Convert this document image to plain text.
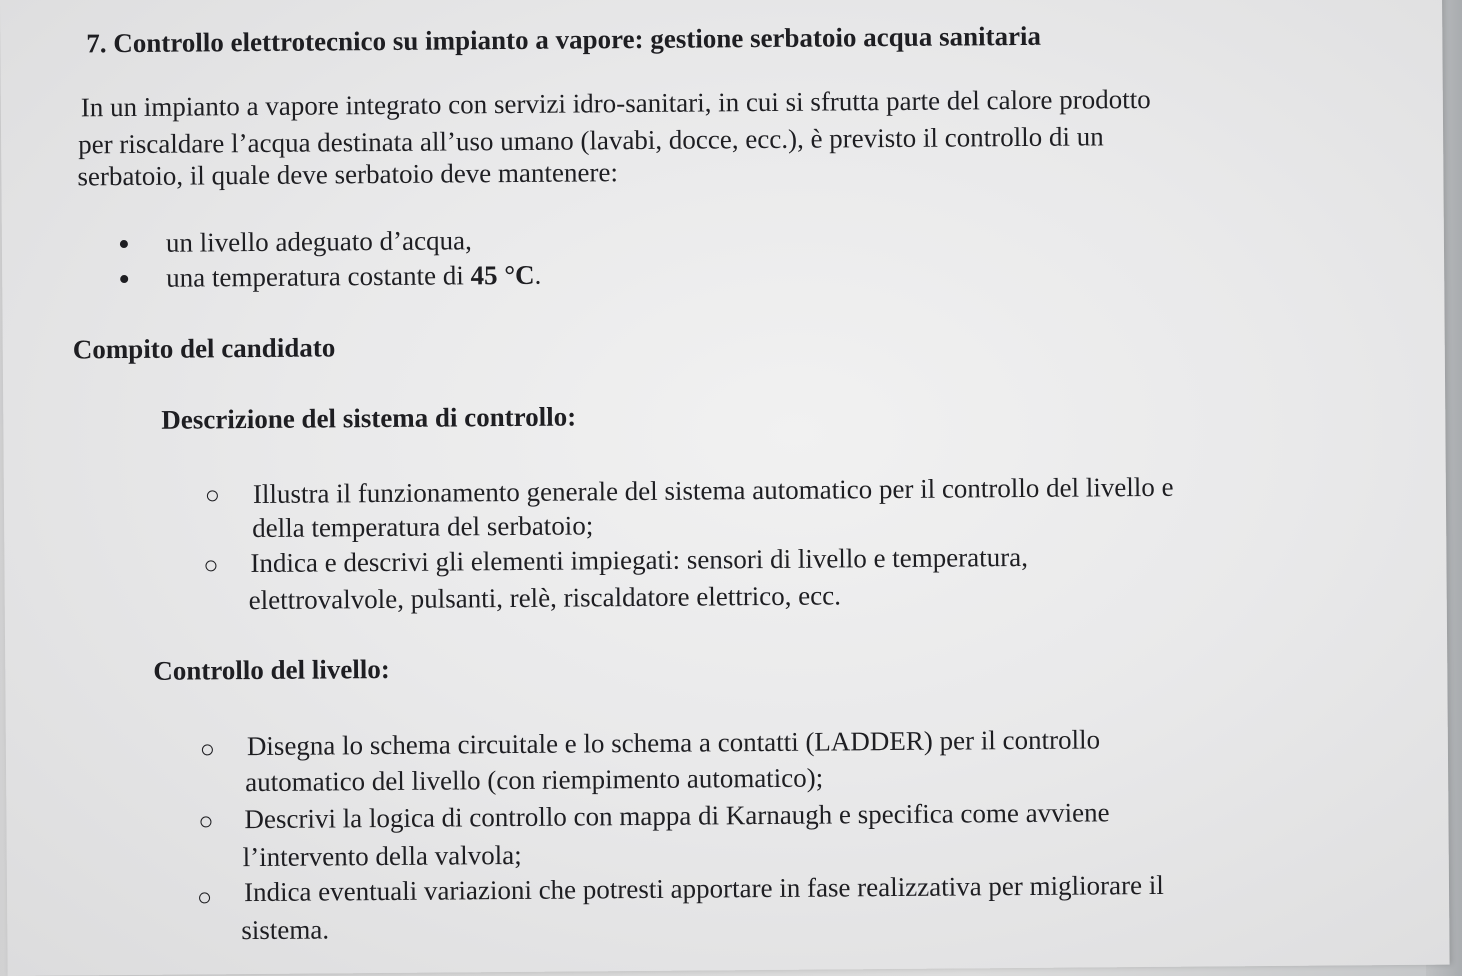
7. Controllo elettrotecnico su impianto a vapore: gestione serbatoio acqua sanitaria
In un impianto a vapore integrato con servizi idro-sanitari, in cui si sfrutta parte del calore prodotto
per riscaldare l’acqua destinata all’uso umano (lavabi, docce, ecc.), è previsto il controllo di un
serbatoio, il quale deve serbatoio deve mantenere:
un livello adeguato d’acqua,
una temperatura costante di 45 °C.
Compito del candidato
Descrizione del sistema di controllo:
Illustra il funzionamento generale del sistema automatico per il controllo del livello e
della temperatura del serbatoio;
Indica e descrivi gli elementi impiegati: sensori di livello e temperatura,
elettrovalvole, pulsanti, relè, riscaldatore elettrico, ecc.
Controllo del livello:
Disegna lo schema circuitale e lo schema a contatti (LADDER) per il controllo
automatico del livello (con riempimento automatico);
Descrivi la logica di controllo con mappa di Karnaugh e specifica come avviene
l’intervento della valvola;
Indica eventuali variazioni che potresti apportare in fase realizzativa per migliorare il
sistema.
